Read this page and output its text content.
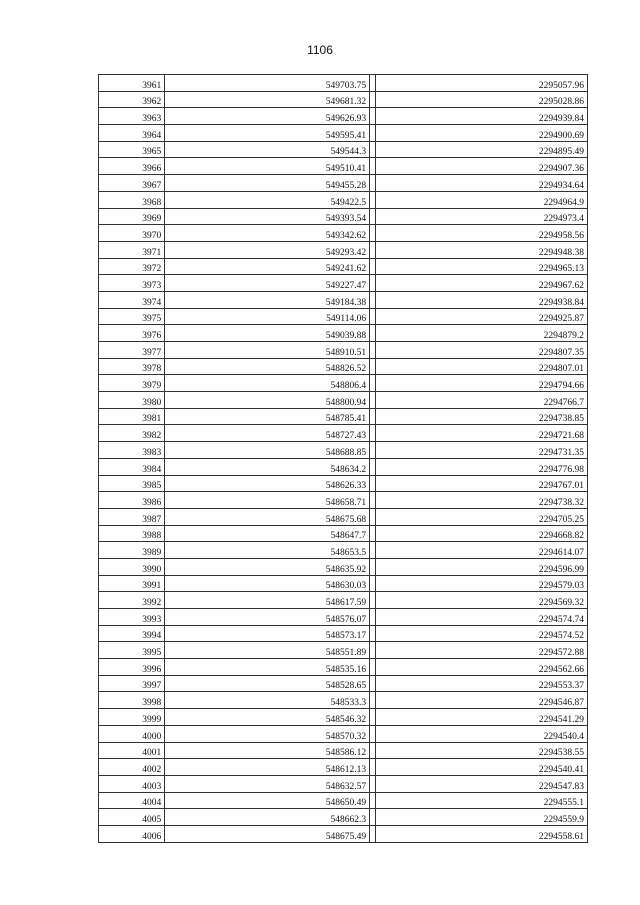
1106
3961	549703.75		2295057.96
3962	549681.32		2295028.86
3963	549626.93		2294939.84
3964	549595.41		2294900.69
3965	549544.3		2294895.49
3966	549510.41		2294907.36
3967	549455.28		2294934.64
3968	549422.5		2294964.9
3969	549393.54		2294973.4
3970	549342.62		2294958.56
3971	549293.42		2294948.38
3972	549241.62		2294965.13
3973	549227.47		2294967.62
3974	549184.38		2294938.84
3975	549114.06		2294925.87
3976	549039.88		2294879.2
3977	548910.51		2294807.35
3978	548826.52		2294807.01
3979	548806.4		2294794.66
3980	548800.94		2294766.7
3981	548785.41		2294738.85
3982	548727.43		2294721.68
3983	548688.85		2294731.35
3984	548634.2		2294776.98
3985	548626.33		2294767.01
3986	548658.71		2294738.32
3987	548675.68		2294705.25
3988	548647.7		2294668.82
3989	548653.5		2294614.07
3990	548635.92		2294596.99
3991	548630.03		2294579.03
3992	548617.59		2294569.32
3993	548576.07		2294574.74
3994	548573.17		2294574.52
3995	548551.89		2294572.88
3996	548535.16		2294562.66
3997	548528.65		2294553.37
3998	548533.3		2294546.87
3999	548546.32		2294541.29
4000	548570.32		2294540.4
4001	548586.12		2294538.55
4002	548612.13		2294540.41
4003	548632.57		2294547.83
4004	548650.49		2294555.1
4005	548662.3		2294559.9
4006	548675.49		2294558.61
